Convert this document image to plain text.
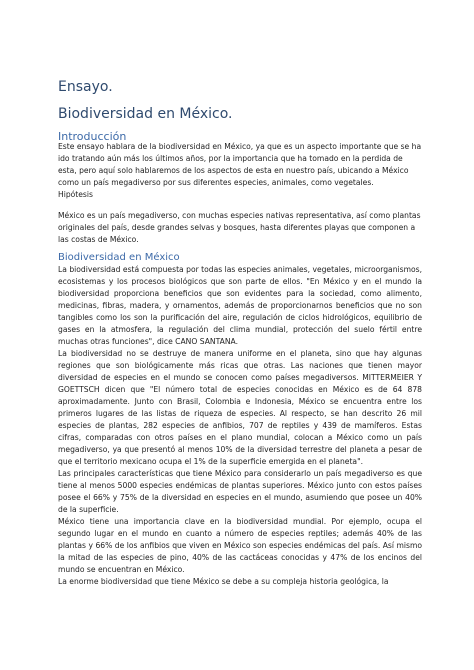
Ensayo.
Biodiversidad en México.
Introducción

Este ensayo hablara de la biodiversidad en México, ya que es un aspecto importante que se ha ido tratando aún más los últimos años, por la importancia que ha tomado en la perdida de esta, pero aquí solo hablaremos de los aspectos de esta en nuestro país, ubicando a México como un país megadiverso por sus diferentes especies, animales, como vegetales.

Hipótesis

México es un país megadiverso, con muchas especies nativas representativa, así como plantas originales del país, desde grandes selvas y bosques, hasta diferentes playas que componen a las costas de México.

Biodiversidad en México

La biodiversidad está compuesta por todas las especies animales, vegetales, microorganismos, ecosistemas y los procesos biológicos que son parte de ellos. "En México y en el mundo la biodiversidad proporciona beneficios que son evidentes para la sociedad, como alimento, medicinas, fibras, madera, y ornamentos, además de proporcionarnos beneficios que no son tangibles como los son la purificación del aire, regulación de ciclos hidrológicos, equilibrio de gases en la atmosfera, la regulación del clima mundial, protección del suelo fértil entre muchas otras funciones", dice CANO SANTANA.

La biodiversidad no se destruye de manera uniforme en el planeta, sino que hay algunas regiones que son biológicamente más ricas que otras. Las naciones que tienen mayor diversidad de especies en el mundo se conocen como países megadiversos. MITTERMEIER Y GOETTSCH dicen que "El número total de especies conocidas en México es de 64 878 aproximadamente. Junto con Brasil, Colombia e Indonesia, México se encuentra entre los primeros lugares de las listas de riqueza de especies. Al respecto, se han descrito 26 mil especies de plantas, 282 especies de anfibios, 707 de reptiles y 439 de mamíferos. Estas cifras, comparadas con otros países en el plano mundial, colocan a México como un país megadiverso, ya que presentó al menos 10% de la diversidad terrestre del planeta a pesar de que el territorio mexicano ocupa el 1% de la superficie emergida en el planeta".

Las principales características que tiene México para considerarlo un país megadiverso es que tiene al menos 5000 especies endémicas de plantas superiores. México junto con estos países posee el 66% y 75% de la diversidad en especies en el mundo, asumiendo que posee un 40% de la superficie.

México tiene una importancia clave en la biodiversidad mundial. Por ejemplo, ocupa el segundo lugar en el mundo en cuanto a número de especies reptiles; además 40% de las plantas y 66% de los anfibios que viven en México son especies endémicas del país. Así mismo la mitad de las especies de pino, 40% de las cactáceas conocidas y 47% de los encinos del mundo se encuentran en México.

La enorme biodiversidad que tiene México se debe a su compleja historia geológica, la
